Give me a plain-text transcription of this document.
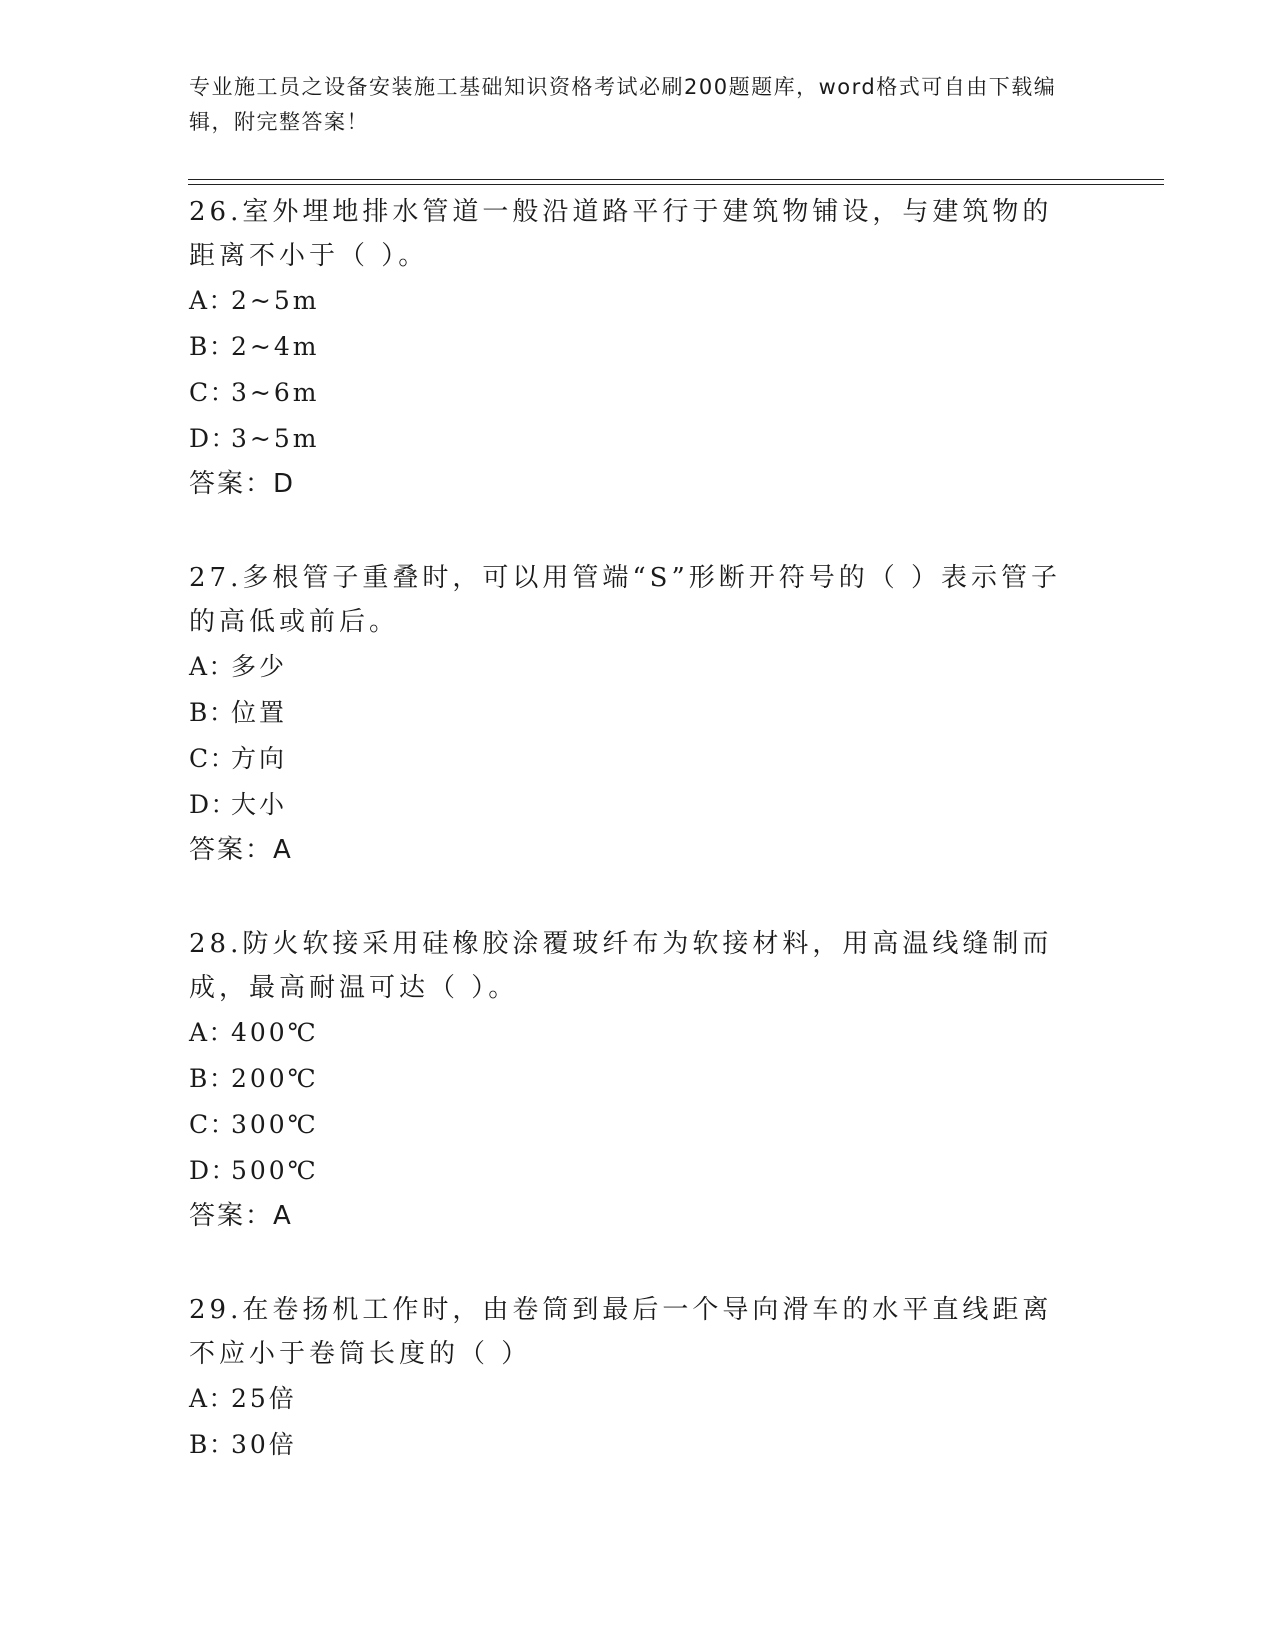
专业施工员之设备安装施工基础知识资格考试必刷200题题库，word格式可自由下载编辑，附完整答案！

26.室外埋地排水管道一般沿道路平行于建筑物铺设，与建筑物的距离不小于（ ）。

A：2~5m
B：2~4m
C：3~6m
D：3~5m
答案：D

27.多根管子重叠时，可以用管端“S”形断开符号的（ ）表示管子的高低或前后。

A：多少
B：位置
C：方向
D：大小
答案：A

28.防火软接采用硅橡胶涂覆玻纤布为软接材料，用高温线缝制而成，最高耐温可达（ ）。

A：400℃
B：200℃
C：300℃
D：500℃
答案：A

29.在卷扬机工作时，由卷筒到最后一个导向滑车的水平直线距离不应小于卷筒长度的（ ）

A：25倍
B：30倍
